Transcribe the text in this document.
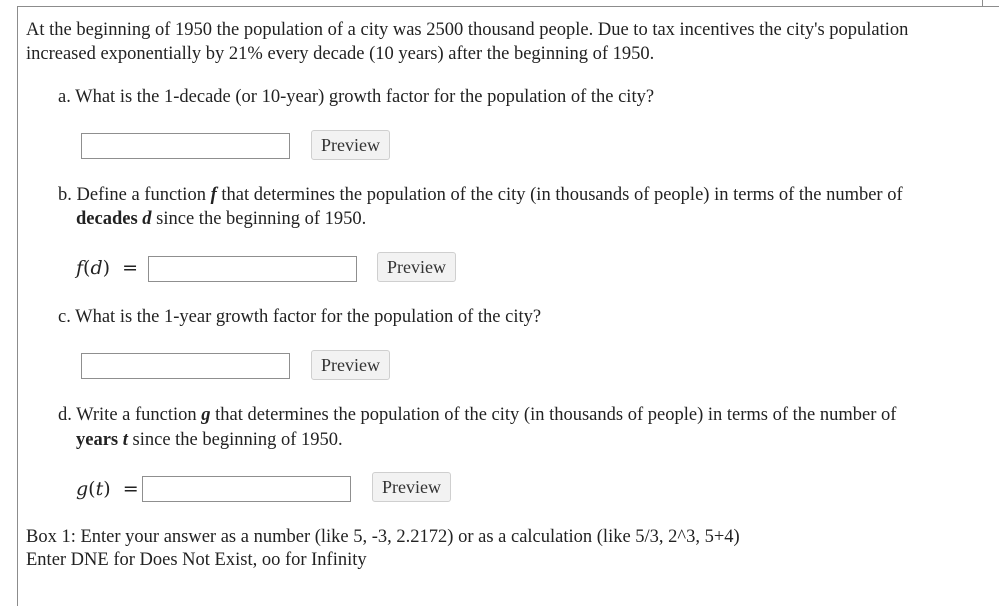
At the beginning of 1950 the population of a city was 2500 thousand people. Due to tax incentives the city's population
increased exponentially by 21% every decade (10 years) after the beginning of 1950.
a. What is the 1-decade (or 10-year) growth factor for the population of the city?
Preview
b. Define a function f that determines the population of the city (in thousands of people) in terms of the number of
decades d since the beginning of 1950.
f(d) =	Preview
c. What is the 1-year growth factor for the population of the city?
Preview
d. Write a function g that determines the population of the city (in thousands of people) in terms of the number of
years t since the beginning of 1950.
g(t) =	Preview
Box 1: Enter your answer as a number (like 5, -3, 2.2172) or as a calculation (like 5/3, 2^3, 5+4)
Enter DNE for Does Not Exist, oo for Infinity
